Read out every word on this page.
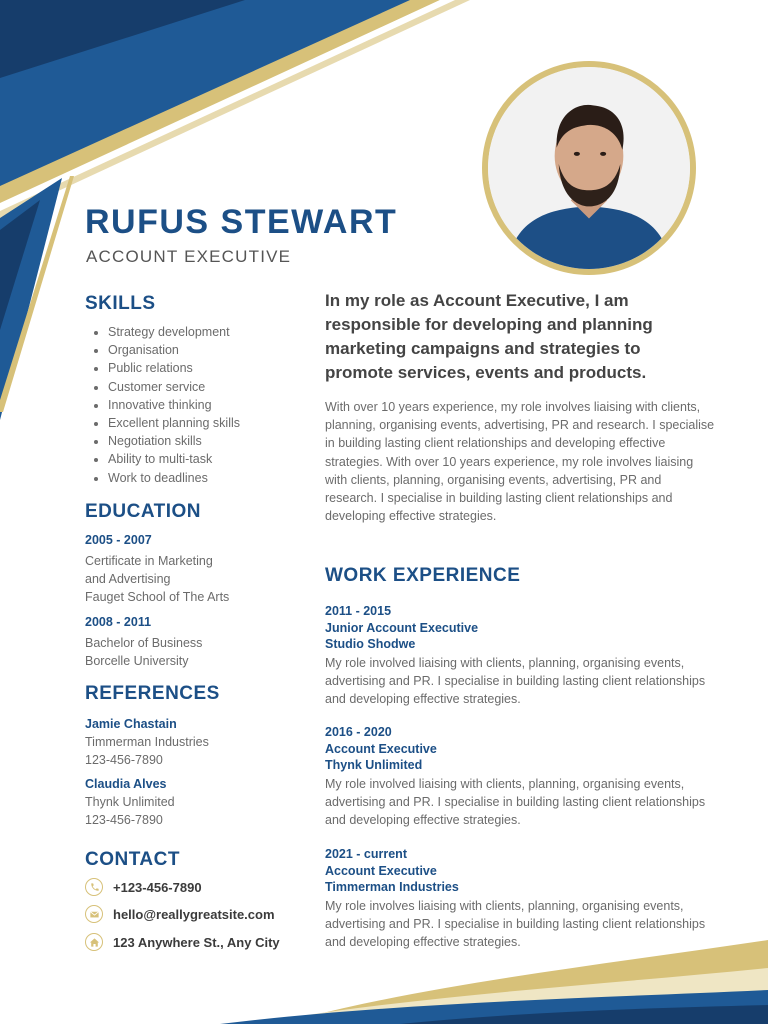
RUFUS STEWART
ACCOUNT EXECUTIVE
SKILLS
• Strategy development
• Organisation
• Public relations
• Customer service
• Innovative thinking
• Excellent planning skills
• Negotiation skills
• Ability to multi-task
• Work to deadlines
EDUCATION
2005 - 2007
Certificate in Marketing
and Advertising
Fauget School of The Arts
2008 - 2011
Bachelor of Business
Borcelle University
REFERENCES
Jamie Chastain
Timmerman Industries
123-456-7890
Claudia Alves
Thynk Unlimited
123-456-7890
CONTACT
+123-456-7890
hello@reallygreatsite.com
123 Anywhere St., Any City
In my role as Account Executive, I am responsible for developing and planning marketing campaigns and strategies to promote services, events and products.
With over 10 years experience, my role involves liaising with clients, planning, organising events, advertising, PR and research. I specialise in building lasting client relationships and developing effective strategies. With over 10 years experience, my role involves liaising with clients, planning, organising events, advertising, PR and research. I specialise in building lasting client relationships and developing effective strategies.
WORK EXPERIENCE
2011 - 2015
Junior Account Executive
Studio Shodwe
My role involved liaising with clients, planning, organising events, advertising and PR. I specialise in building lasting client relationships and developing effective strategies.
2016 - 2020
Account Executive
Thynk Unlimited
My role involved liaising with clients, planning, organising events, advertising and PR. I specialise in building lasting client relationships and developing effective strategies.
2021 - current
Account Executive
Timmerman Industries
My role involves liaising with clients, planning, organising events, advertising and PR. I specialise in building lasting client relationships and developing effective strategies.
